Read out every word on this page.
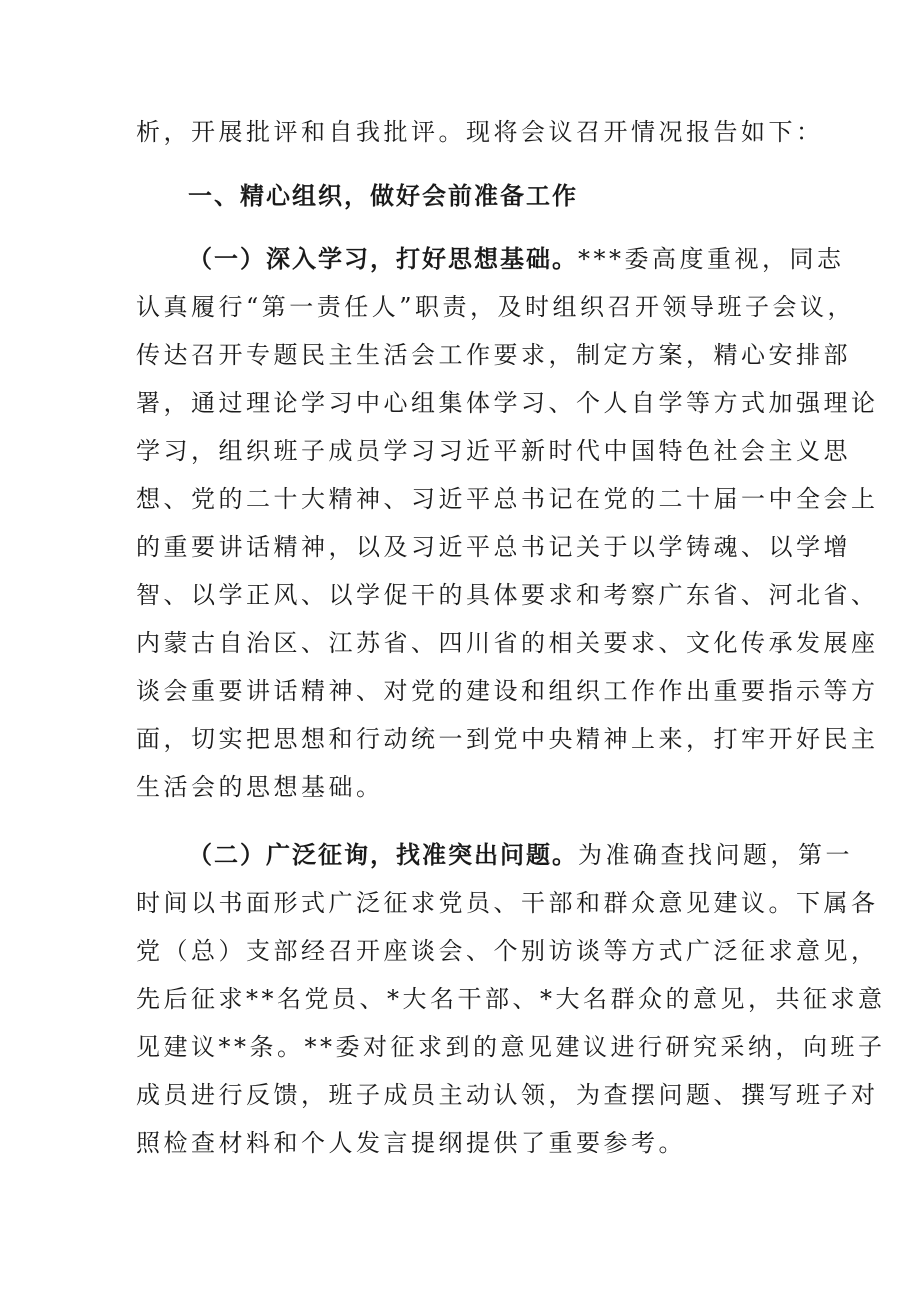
析，开展批评和自我批评。现将会议召开情况报告如下：
一、精心组织，做好会前准备工作
（一）深入学习，打好思想基础。***委高度重视，同志
认真履行“第一责任人”职责，及时组织召开领导班子会议，
传达召开专题民主生活会工作要求，制定方案，精心安排部
署，通过理论学习中心组集体学习、个人自学等方式加强理论
学习，组织班子成员学习习近平新时代中国特色社会主义思
想、党的二十大精神、习近平总书记在党的二十届一中全会上
的重要讲话精神，以及习近平总书记关于以学铸魂、以学增
智、以学正风、以学促干的具体要求和考察广东省、河北省、
内蒙古自治区、江苏省、四川省的相关要求、文化传承发展座
谈会重要讲话精神、对党的建设和组织工作作出重要指示等方
面，切实把思想和行动统一到党中央精神上来，打牢开好民主
生活会的思想基础。
（二）广泛征询，找准突出问题。为准确查找问题，第一
时间以书面形式广泛征求党员、干部和群众意见建议。下属各
党（总）支部经召开座谈会、个别访谈等方式广泛征求意见，
先后征求**名党员、*大名干部、*大名群众的意见，共征求意
见建议**条。**委对征求到的意见建议进行研究采纳，向班子
成员进行反馈，班子成员主动认领，为查摆问题、撰写班子对
照检查材料和个人发言提纲提供了重要参考。
